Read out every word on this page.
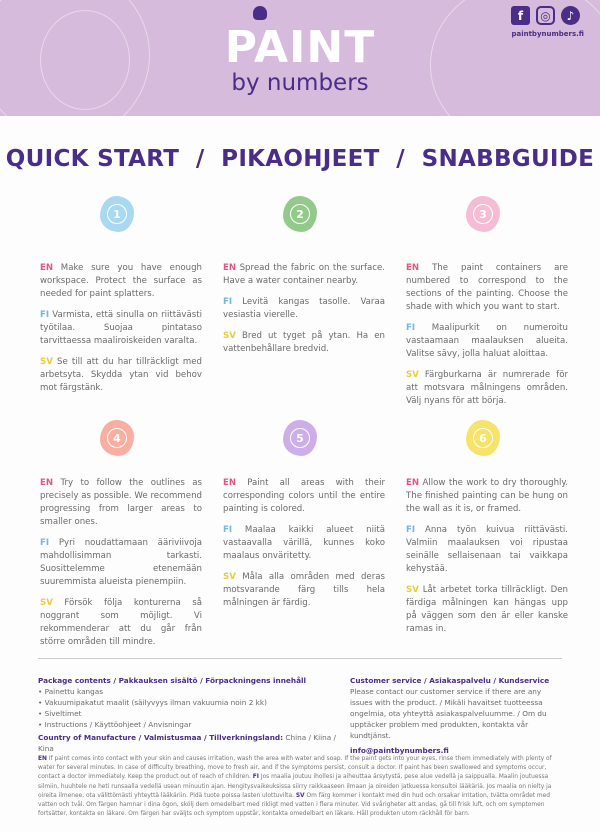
PAINT
by numbers
f	◎	♪
paintbynumbers.fi
QUICK START  /  PIKAOHJEET  /  SNABBGUIDE
1

EN Make sure you have enough workspace. Protect the surface as needed for paint splatters.

FI Varmista, että sinulla on riittävästi työtilaa. Suojaa pintataso tarvittaessa maaliroiskeiden varalta.

SV Se till att du har tillräckligt med arbetsyta. Skydda ytan vid behov mot färgstänk.

2

EN Spread the fabric on the surface. Have a water container nearby.

FI Levitä kangas tasolle. Varaa vesiastia vierelle.

SV Bred ut tyget på ytan. Ha en vattenbehållare bredvid.

3

EN The paint containers are numbered to correspond to the sections of the painting. Choose the shade with which you want to start.

FI Maalipurkit on numeroitu vastaamaan maalauksen alueita. Valitse sävy, jolla haluat aloittaa.

SV Färgburkarna är numrerade för att motsvara målningens områden. Välj nyans för att börja.

4

EN Try to follow the outlines as precisely as possible. We recommend progressing from larger areas to smaller ones.

FI Pyri noudattamaan ääriviivoja mahdollisimman tarkasti. Suosittelemme etenemään suuremmista alueista pienempiin.

SV Försök följa konturerna så noggrant som möjligt. Vi rekommenderar att du går från större områden till mindre.

5

EN Paint all areas with their corresponding colors until the entire painting is colored.

FI Maalaa kaikki alueet niitä vastaavalla värillä, kunnes koko maalaus onväritetty.

SV Måla alla områden med deras motsvarande färg tills hela målningen är färdig.

6

EN Allow the work to dry thoroughly. The finished painting can be hung on the wall as it is, or framed.

FI Anna työn kuivua riittävästi. Valmiin maalauksen voi ripustaa seinälle sellaisenaan tai vaikkapa kehystää.

SV Låt arbetet torka tillräckligt. Den färdiga målningen kan hängas upp på väggen som den är eller kanske ramas in.

Package contents / Pakkauksen sisältö / Förpackningens innehåll
• Painettu kangas
• Vakuumipakatut maalit (säilyvyys ilman vakuumia noin 2 kk)
• Siveltimet
• Instructions / Käyttöohjeet / Anvisningar
Country of Manufacture / Valmistusmaa / Tillverkningsland: China / Kiina / Kina
Customer service / Asiakaspalvelu / Kundservice
Please contact our customer service if there are any issues with the product. / Mikäli havaitset tuotteessa ongelmia, ota yhteyttä asiakaspalveluumme. / Om du upptäcker problem med produkten, kontakta vår kundtjänst.
info@paintbynumbers.fi
EN If paint comes into contact with your skin and causes irritation, wash the area with water and soap. If the paint gets into your eyes, rinse them immediately with plenty of water for several minutes. In case of difficulty breathing, move to fresh air, and if the symptoms persist, consult a doctor. If paint has been swallowed and symptoms occur, contact a doctor immediately. Keep the product out of reach of children. FI Jos maalia joutuu ihollesi ja aiheuttaa ärsytystä, pese alue vedellä ja saippualla. Maalin joutuessa silmiin, huuhtele ne heti runsaalla vedellä usean minuutin ajan. Hengitysvaikeuksissa siirry raikkaaseen ilmaan ja oireiden jatkuessa konsultoi lääkäriä. Jos maalia on nielty ja oireita ilmenee, ota välittömästi yhteyttä lääkäriin. Pidä tuote poissa lasten ulottuvilta. SV Om färg kommer i kontakt med din hud och orsakar irritation, tvätta området med vatten och tvål. Om färgen hamnar i dina ögon, skölj dem omedelbart med rikligt med vatten i flera minuter. Vid svårigheter att andas, gå till frisk luft, och om symptomen fortsätter, kontakta en läkare. Om färgen har svälјts och symptom uppstår, kontakta omedelbart en läkare. Håll produkten utom räckhåll för barn.
